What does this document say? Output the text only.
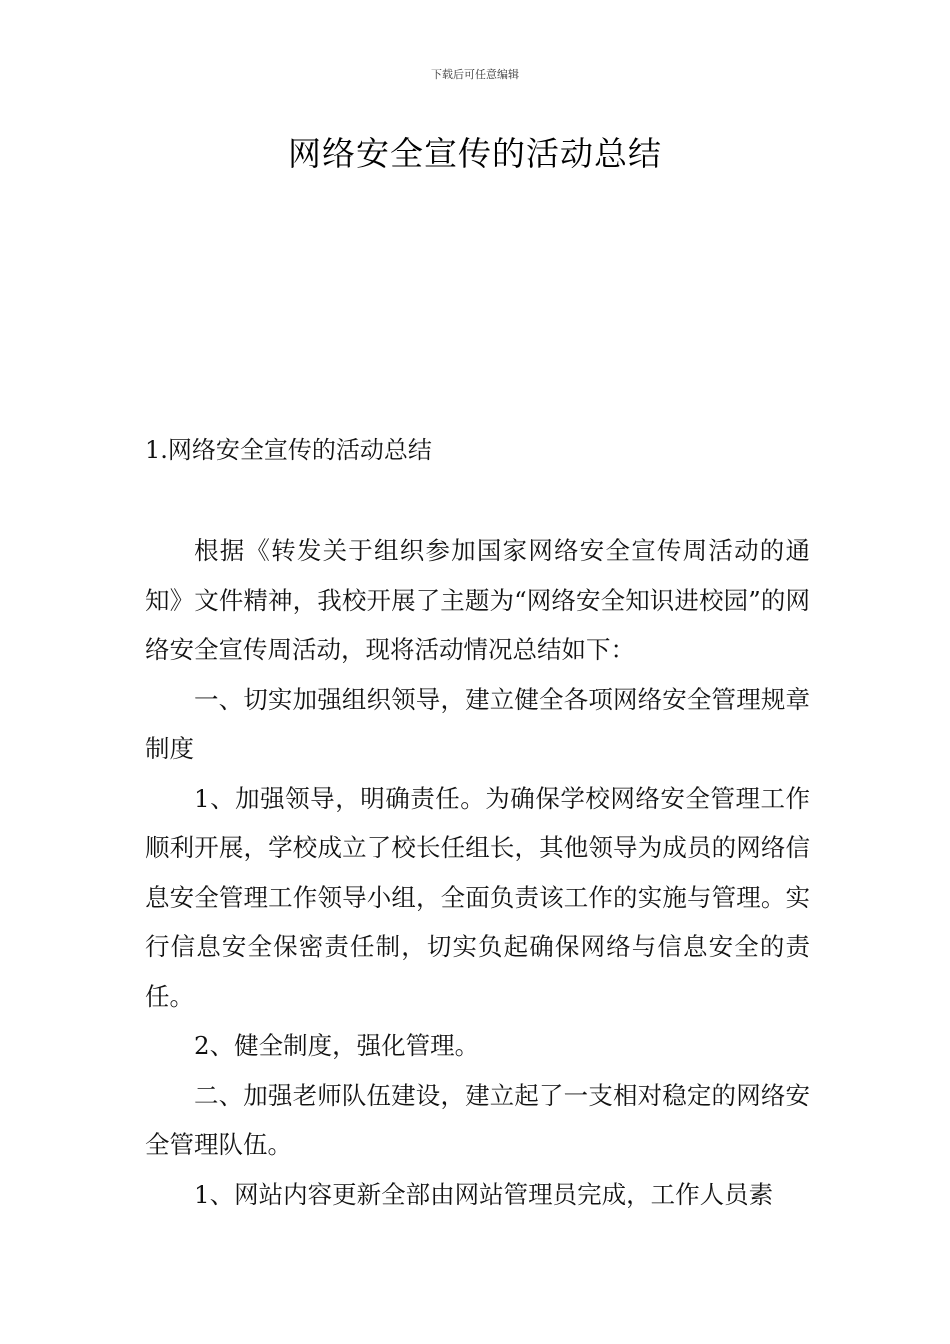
下载后可任意编辑
网络安全宣传的活动总结
1.网络安全宣传的活动总结

根据《转发关于组织参加国家网络安全宣传周活动的通知》文件精神，我校开展了主题为“网络安全知识进校园”的网络安全宣传周活动，现将活动情况总结如下：

一、切实加强组织领导，建立健全各项网络安全管理规章制度

1、加强领导，明确责任。为确保学校网络安全管理工作顺利开展，学校成立了校长任组长，其他领导为成员的网络信息安全管理工作领导小组，全面负责该工作的实施与管理。实行信息安全保密责任制，切实负起确保网络与信息安全的责任。

2、健全制度，强化管理。

二、加强老师队伍建设，建立起了一支相对稳定的网络安全管理队伍。

1、网站内容更新全部由网站管理员完成，工作人员素
